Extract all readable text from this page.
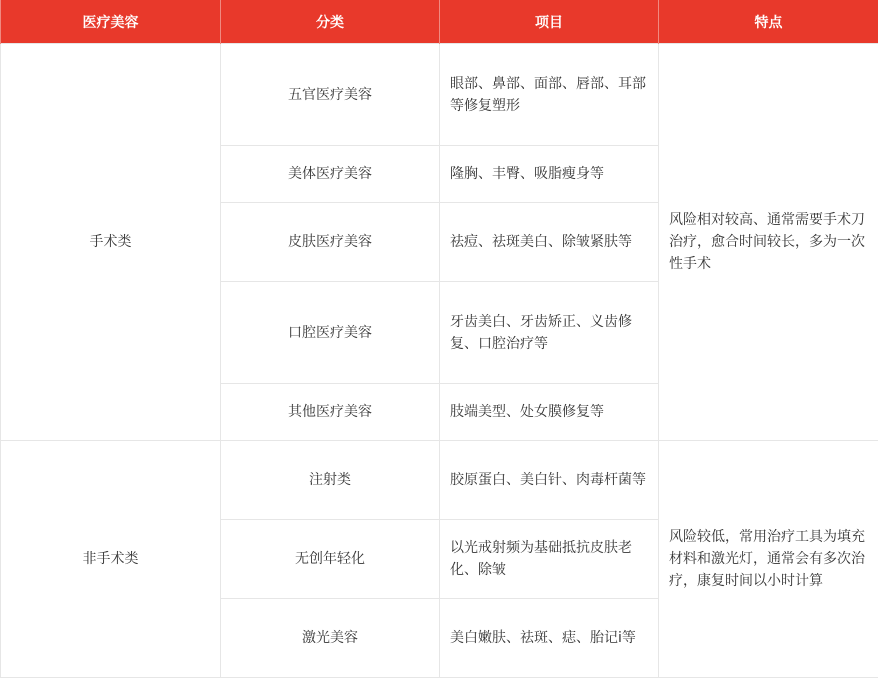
医疗美容	分类	项目	特点
手术类	五官医疗美容	眼部、鼻部、面部、唇部、耳部等修复塑形	风险相对较高、通常需要手术刀治疗，愈合时间较长，多为一次性手术
	美体医疗美容	隆胸、丰臀、吸脂瘦身等	
	皮肤医疗美容	祛痘、祛斑美白、除皱紧肤等	
	口腔医疗美容	牙齿美白、牙齿矫正、义齿修复、口腔治疗等	
	其他医疗美容	肢端美型、处女膜修复等	
非手术类	注射类	胶原蛋白、美白针、肉毒杆菌等	风险较低，常用治疗工具为填充材料和激光灯，通常会有多次治疗，康复时间以小时计算
	无创年轻化	以光戒射频为基础抵抗皮肤老化、除皱	
	激光美容	美白嫩肤、祛斑、痣、胎记i等	
